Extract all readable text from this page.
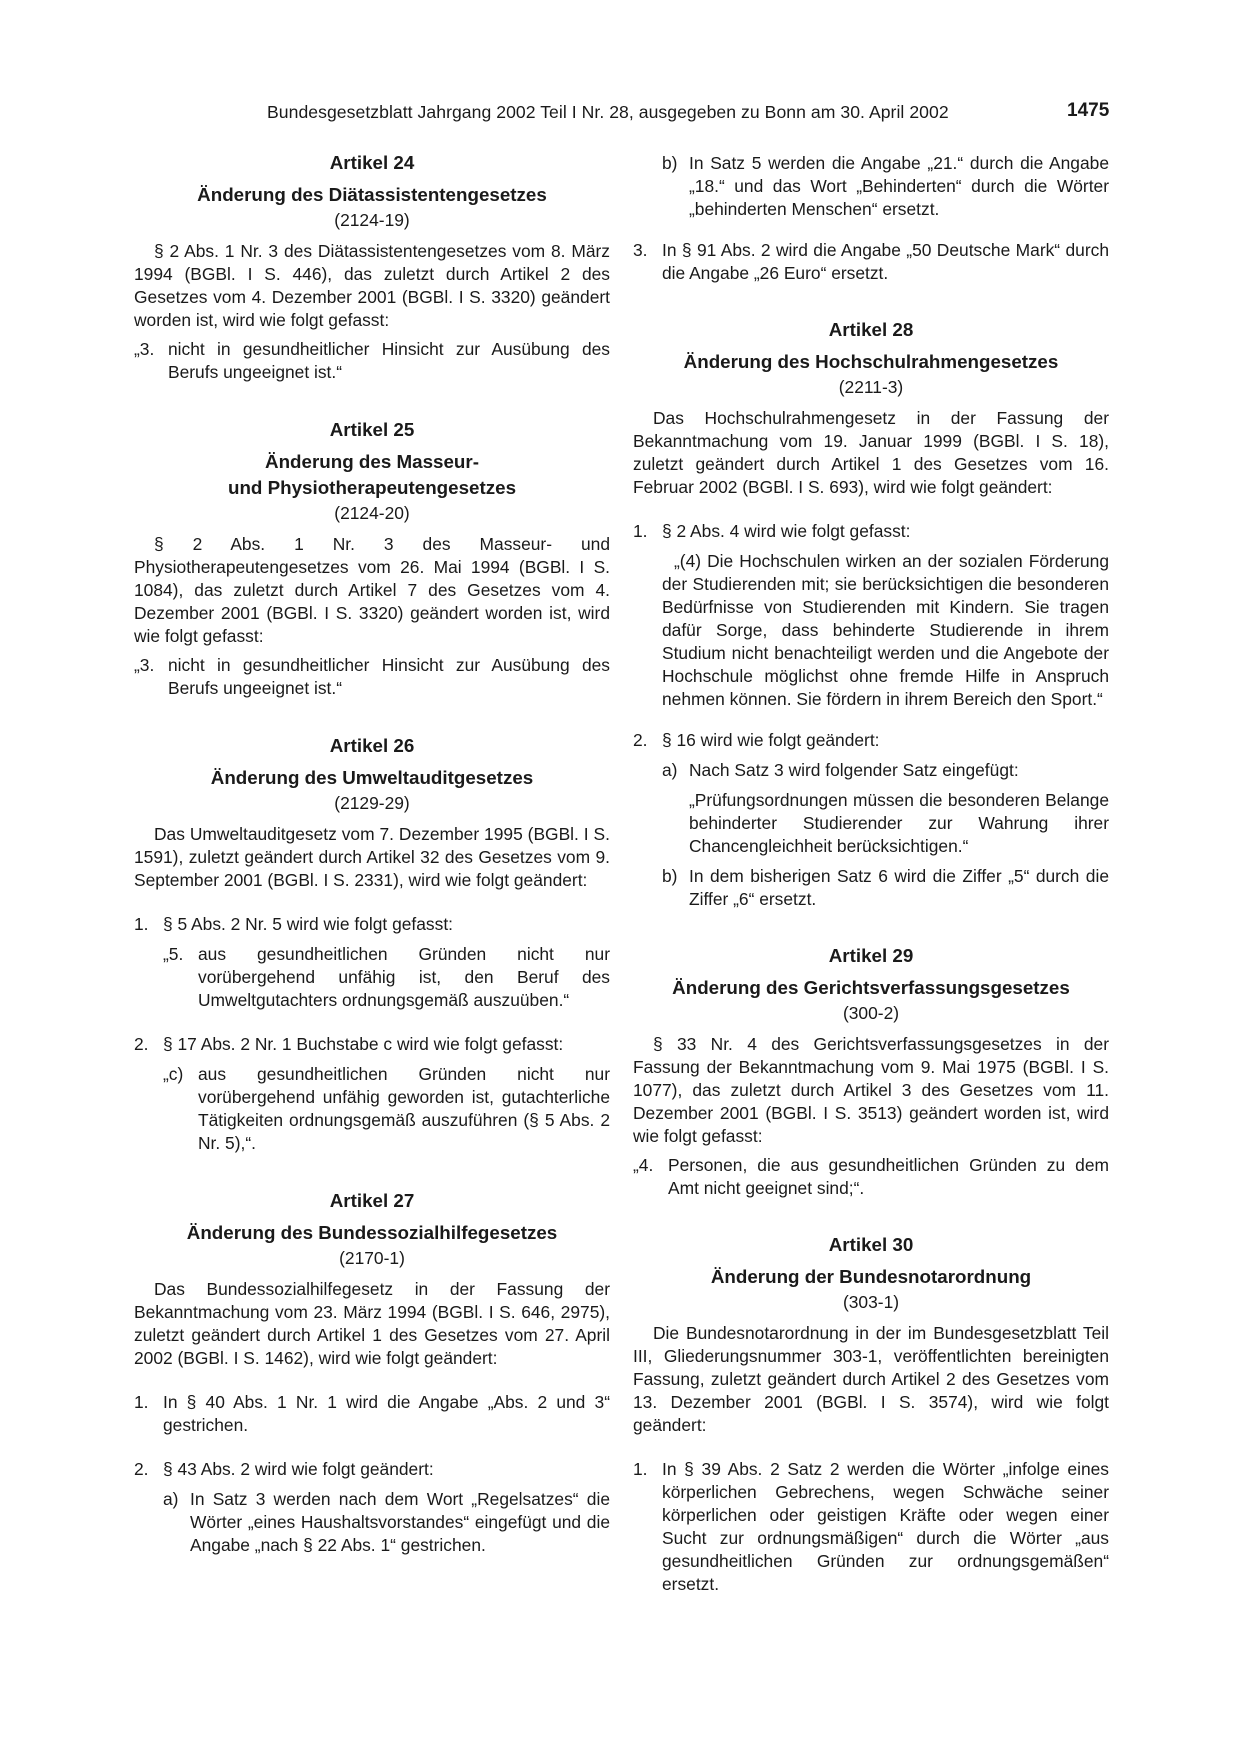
Bundesgesetzblatt Jahrgang 2002 Teil I Nr. 28, ausgegeben zu Bonn am 30. April 2002	1475
Artikel 24
Änderung des Diätassistentengesetzes
(2124-19)

§ 2 Abs. 1 Nr. 3 des Diätassistentengesetzes vom 8. März 1994 (BGBl. I S. 446), das zuletzt durch Artikel 2 des Gesetzes vom 4. Dezember 2001 (BGBl. I S. 3320) geändert worden ist, wird wie folgt gefasst:

„3. nicht in gesundheitlicher Hinsicht zur Ausübung des Berufs ungeeignet ist.“
Artikel 25
Änderung des Masseur-
und Physiotherapeutengesetzes
(2124-20)

§ 2 Abs. 1 Nr. 3 des Masseur- und Physiotherapeutengesetzes vom 26. Mai 1994 (BGBl. I S. 1084), das zuletzt durch Artikel 7 des Gesetzes vom 4. Dezember 2001 (BGBl. I S. 3320) geändert worden ist, wird wie folgt gefasst:

„3. nicht in gesundheitlicher Hinsicht zur Ausübung des Berufs ungeeignet ist.“
Artikel 26
Änderung des Umweltauditgesetzes
(2129-29)

Das Umweltauditgesetz vom 7. Dezember 1995 (BGBl. I S. 1591), zuletzt geändert durch Artikel 32 des Gesetzes vom 9. September 2001 (BGBl. I S. 2331), wird wie folgt geändert:

1. § 5 Abs. 2 Nr. 5 wird wie folgt gefasst:
„5. aus gesundheitlichen Gründen nicht nur vorübergehend unfähig ist, den Beruf des Umweltgutachters ordnungsgemäß auszuüben.“
2. § 17 Abs. 2 Nr. 1 Buchstabe c wird wie folgt gefasst:
„c) aus gesundheitlichen Gründen nicht nur vorübergehend unfähig geworden ist, gutachterliche Tätigkeiten ordnungsgemäß auszuführen (§ 5 Abs. 2 Nr. 5),“.
Artikel 27
Änderung des Bundessozialhilfegesetzes
(2170-1)

Das Bundessozialhilfegesetz in der Fassung der Bekanntmachung vom 23. März 1994 (BGBl. I S. 646, 2975), zuletzt geändert durch Artikel 1 des Gesetzes vom 27. April 2002 (BGBl. I S. 1462), wird wie folgt geändert:

1. In § 40 Abs. 1 Nr. 1 wird die Angabe „Abs. 2 und 3“ gestrichen.
2. § 43 Abs. 2 wird wie folgt geändert:
a) In Satz 3 werden nach dem Wort „Regelsatzes“ die Wörter „eines Haushaltsvorstandes“ eingefügt und die Angabe „nach § 22 Abs. 1“ gestrichen.
b) In Satz 5 werden die Angabe „21.“ durch die Angabe „18.“ und das Wort „Behinderten“ durch die Wörter „behinderten Menschen“ ersetzt.
3. In § 91 Abs. 2 wird die Angabe „50 Deutsche Mark“ durch die Angabe „26 Euro“ ersetzt.
Artikel 28
Änderung des Hochschulrahmengesetzes
(2211-3)

Das Hochschulrahmengesetz in der Fassung der Bekanntmachung vom 19. Januar 1999 (BGBl. I S. 18), zuletzt geändert durch Artikel 1 des Gesetzes vom 16. Februar 2002 (BGBl. I S. 693), wird wie folgt geändert:

1. § 2 Abs. 4 wird wie folgt gefasst:

„(4) Die Hochschulen wirken an der sozialen Förderung der Studierenden mit; sie berücksichtigen die besonderen Bedürfnisse von Studierenden mit Kindern. Sie tragen dafür Sorge, dass behinderte Studierende in ihrem Studium nicht benachteiligt werden und die Angebote der Hochschule möglichst ohne fremde Hilfe in Anspruch nehmen können. Sie fördern in ihrem Bereich den Sport.“

2. § 16 wird wie folgt geändert:
a) Nach Satz 3 wird folgender Satz eingefügt:

„Prüfungsordnungen müssen die besonderen Belange behinderter Studierender zur Wahrung ihrer Chancengleichheit berücksichtigen.“

b) In dem bisherigen Satz 6 wird die Ziffer „5“ durch die Ziffer „6“ ersetzt.
Artikel 29
Änderung des Gerichtsverfassungsgesetzes
(300-2)

§ 33 Nr. 4 des Gerichtsverfassungsgesetzes in der Fassung der Bekanntmachung vom 9. Mai 1975 (BGBl. I S. 1077), das zuletzt durch Artikel 3 des Gesetzes vom 11. Dezember 2001 (BGBl. I S. 3513) geändert worden ist, wird wie folgt gefasst:

„4. Personen, die aus gesundheitlichen Gründen zu dem Amt nicht geeignet sind;“.
Artikel 30
Änderung der Bundesnotarordnung
(303-1)

Die Bundesnotarordnung in der im Bundesgesetzblatt Teil III, Gliederungsnummer 303-1, veröffentlichten bereinigten Fassung, zuletzt geändert durch Artikel 2 des Gesetzes vom 13. Dezember 2001 (BGBl. I S. 3574), wird wie folgt geändert:

1. In § 39 Abs. 2 Satz 2 werden die Wörter „infolge eines körperlichen Gebrechens, wegen Schwäche seiner körperlichen oder geistigen Kräfte oder wegen einer Sucht zur ordnungsmäßigen“ durch die Wörter „aus gesundheitlichen Gründen zur ordnungsgemäßen“ ersetzt.
